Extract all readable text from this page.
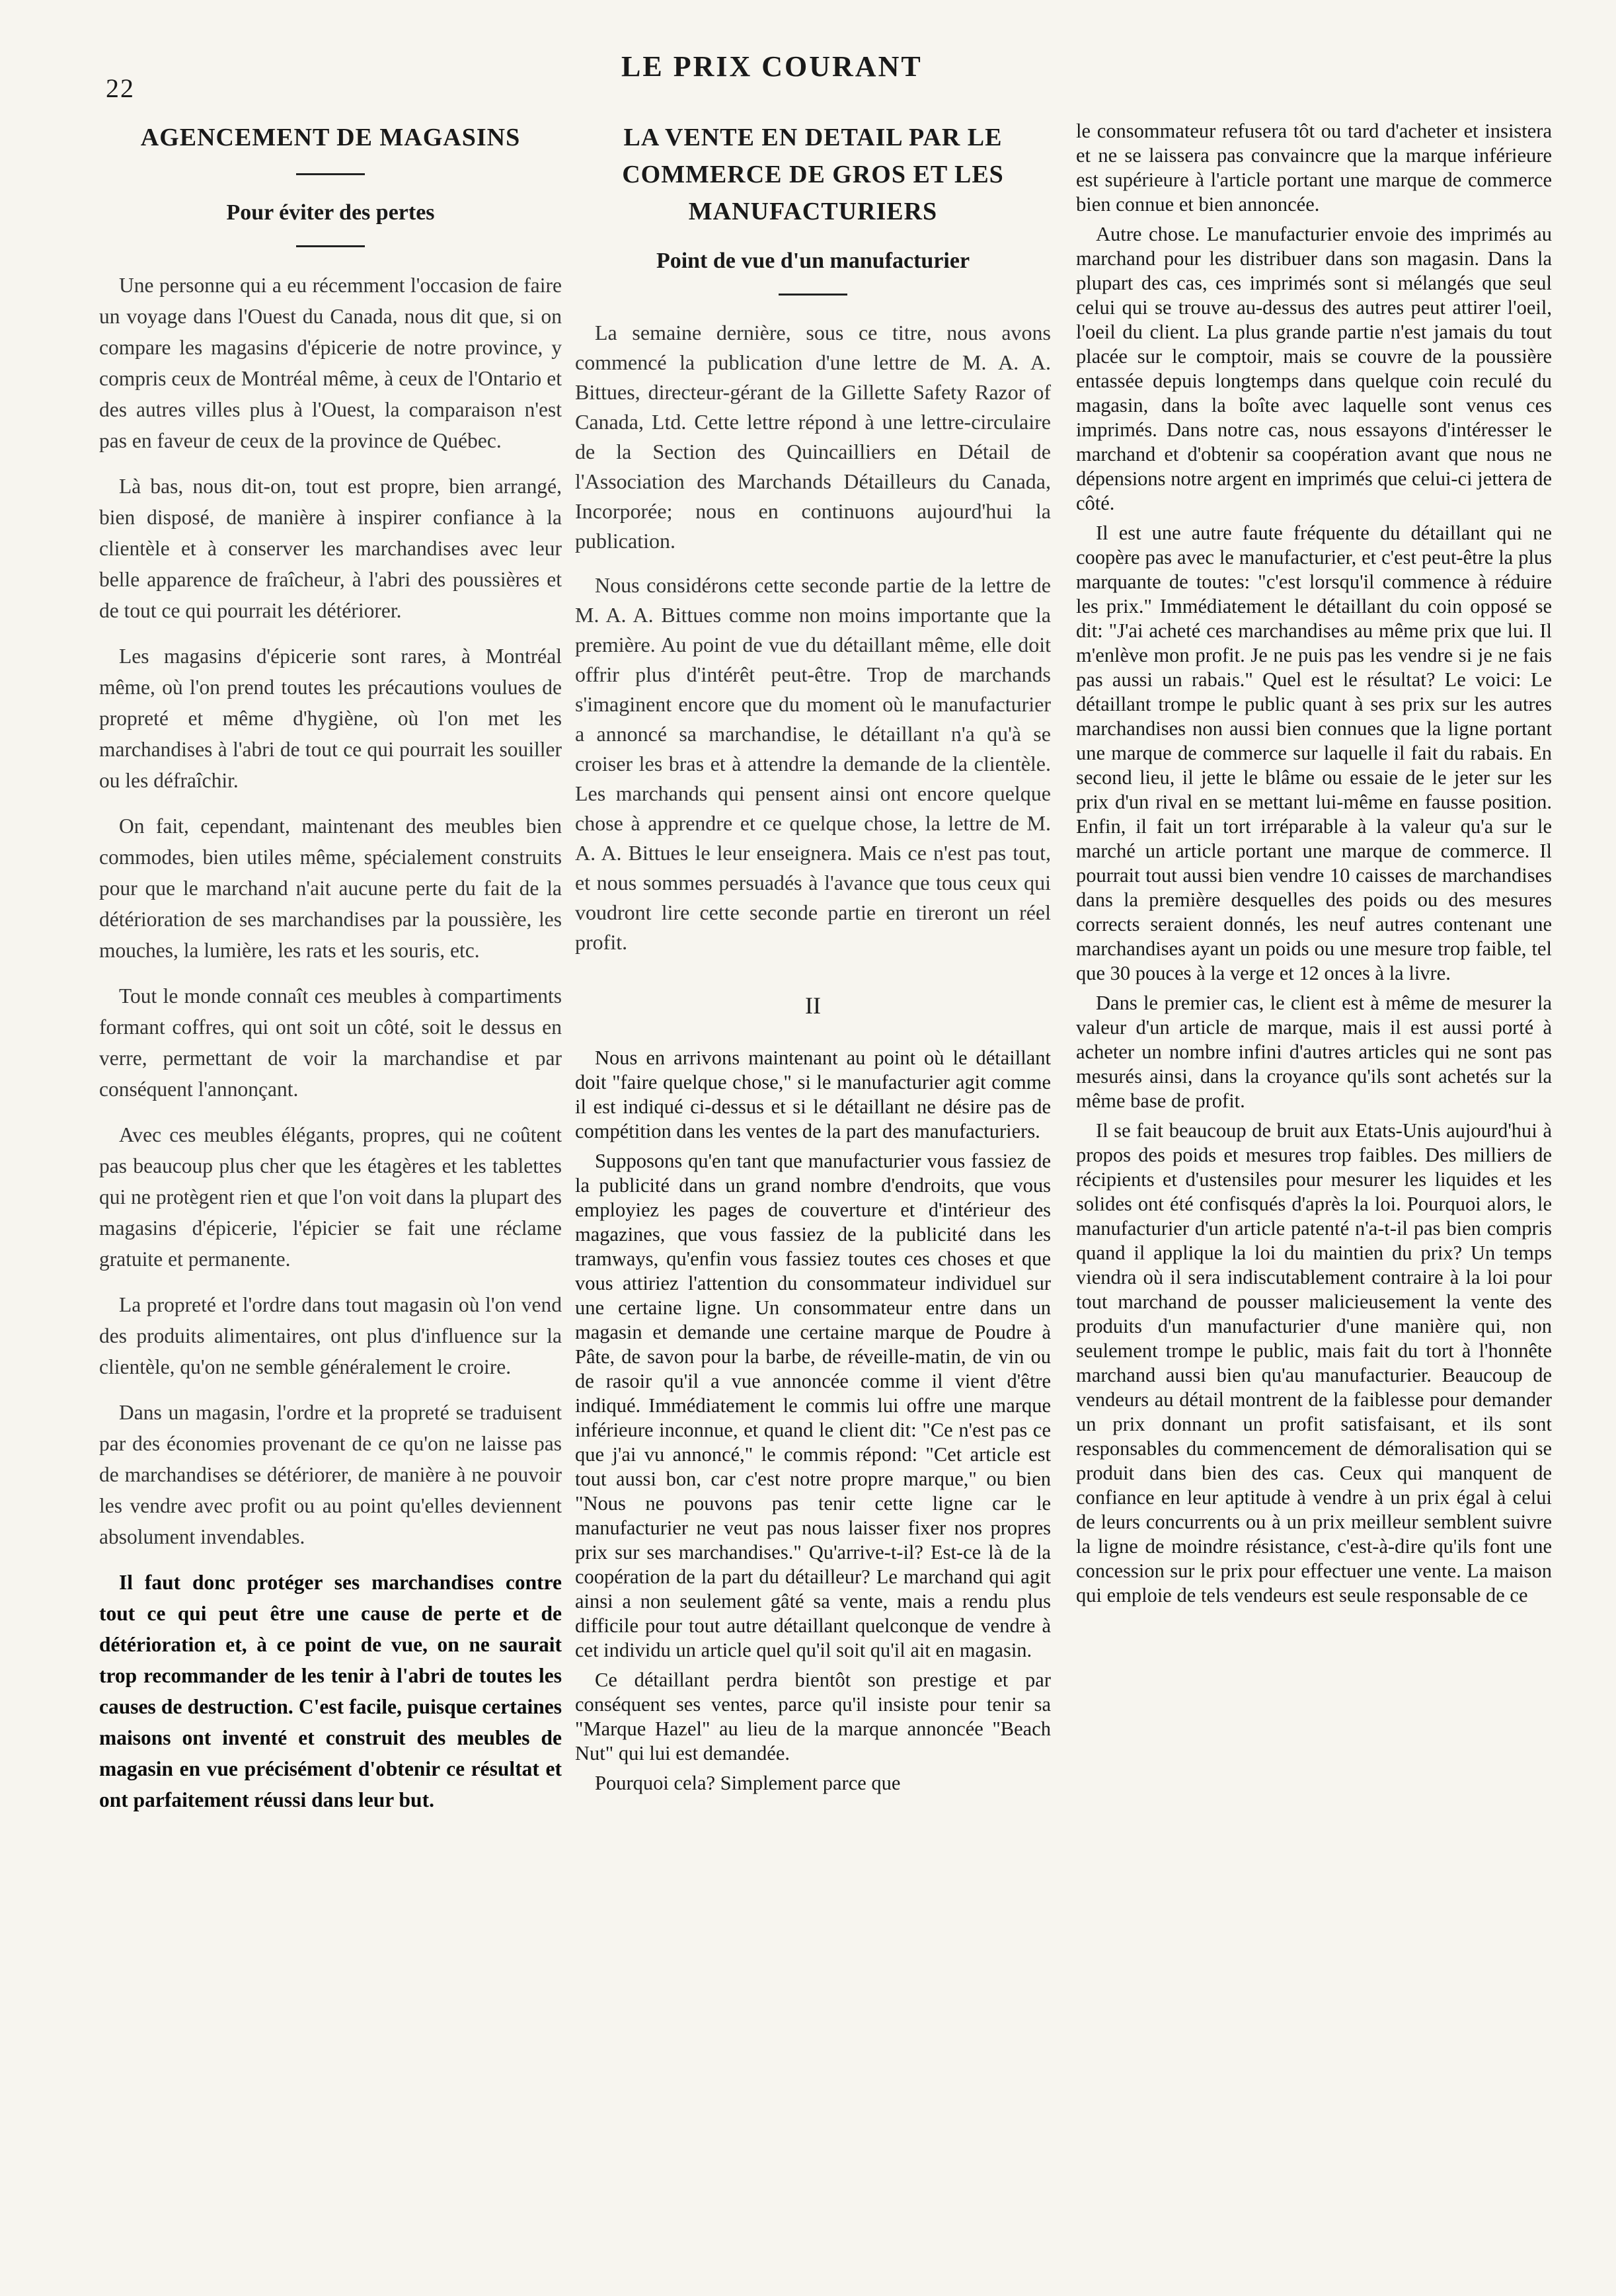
22
LE PRIX COURANT
AGENCEMENT DE MAGASINS
Pour éviter des pertes

Une personne qui a eu récemment l'occasion de faire un voyage dans l'Ouest du Canada, nous dit que, si on compare les magasins d'épicerie de notre province, y compris ceux de Montréal même, à ceux de l'Ontario et des autres villes plus à l'Ouest, la comparaison n'est pas en faveur de ceux de la province de Québec.

Là bas, nous dit-on, tout est propre, bien arrangé, bien disposé, de manière à inspirer confiance à la clientèle et à conserver les marchandises avec leur belle apparence de fraîcheur, à l'abri des poussières et de tout ce qui pourrait les détériorer.

Les magasins d'épicerie sont rares, à Montréal même, où l'on prend toutes les précautions voulues de propreté et même d'hygiène, où l'on met les marchandises à l'abri de tout ce qui pourrait les souiller ou les défraîchir.

On fait, cependant, maintenant des meubles bien commodes, bien utiles même, spécialement construits pour que le marchand n'ait aucune perte du fait de la détérioration de ses marchandises par la poussière, les mouches, la lumière, les rats et les souris, etc.

Tout le monde connaît ces meubles à compartiments formant coffres, qui ont soit un côté, soit le dessus en verre, permettant de voir la marchandise et par conséquent l'annonçant.

Avec ces meubles élégants, propres, qui ne coûtent pas beaucoup plus cher que les étagères et les tablettes qui ne protègent rien et que l'on voit dans la plupart des magasins d'épicerie, l'épicier se fait une réclame gratuite et permanente.

La propreté et l'ordre dans tout magasin où l'on vend des produits alimentaires, ont plus d'influence sur la clientèle, qu'on ne semble généralement le croire.

Dans un magasin, l'ordre et la propreté se traduisent par des économies provenant de ce qu'on ne laisse pas de marchandises se détériorer, de manière à ne pouvoir les vendre avec profit ou au point qu'elles deviennent absolument invendables.

Il faut donc protéger ses marchandises contre tout ce qui peut être une cause de perte et de détérioration et, à ce point de vue, on ne saurait trop recommander de les tenir à l'abri de toutes les causes de destruction. C'est facile, puisque certaines maisons ont inventé et construit des meubles de magasin en vue précisément d'obtenir ce résultat et ont parfaitement réussi dans leur but.

LA VENTE EN DETAIL PAR LE COMMERCE DE GROS ET LES MANUFACTURIERS
Point de vue d'un manufacturier

La semaine dernière, sous ce titre, nous avons commencé la publication d'une lettre de M. A. A. Bittues, directeur-gérant de la Gillette Safety Razor of Canada, Ltd. Cette lettre répond à une lettre-circulaire de la Section des Quincailliers en Détail de l'Association des Marchands Détailleurs du Canada, Incorporée; nous en continuons aujourd'hui la publication.

Nous considérons cette seconde partie de la lettre de M. A. A. Bittues comme non moins importante que la première. Au point de vue du détaillant même, elle doit offrir plus d'intérêt peut-être. Trop de marchands s'imaginent encore que du moment où le manufacturier a annoncé sa marchandise, le détaillant n'a qu'à se croiser les bras et à attendre la demande de la clientèle. Les marchands qui pensent ainsi ont encore quelque chose à apprendre et ce quelque chose, la lettre de M. A. A. Bittues le leur enseignera. Mais ce n'est pas tout, et nous sommes persuadés à l'avance que tous ceux qui voudront lire cette seconde partie en tireront un réel profit.

II

Nous en arrivons maintenant au point où le détaillant doit "faire quelque chose," si le manufacturier agit comme il est indiqué ci-dessus et si le détaillant ne désire pas de compétition dans les ventes de la part des manufacturiers.

Supposons qu'en tant que manufacturier vous fassiez de la publicité dans un grand nombre d'endroits, que vous employiez les pages de couverture et d'intérieur des magazines, que vous fassiez de la publicité dans les tramways, qu'enfin vous fassiez toutes ces choses et que vous attiriez l'attention du consommateur individuel sur une certaine ligne. Un consommateur entre dans un magasin et demande une certaine marque de Poudre à Pâte, de savon pour la barbe, de réveille-matin, de vin ou de rasoir qu'il a vue annoncée comme il vient d'être indiqué. Immédiatement le commis lui offre une marque inférieure inconnue, et quand le client dit: "Ce n'est pas ce que j'ai vu annoncé," le commis répond: "Cet article est tout aussi bon, car c'est notre propre marque," ou bien "Nous ne pouvons pas tenir cette ligne car le manufacturier ne veut pas nous laisser fixer nos propres prix sur ses marchandises." Qu'arrive-t-il? Est-ce là de la coopération de la part du détailleur? Le marchand qui agit ainsi a non seulement gâté sa vente, mais a rendu plus difficile pour tout autre détaillant quelconque de vendre à cet individu un article quel qu'il soit qu'il ait en magasin.

Ce détaillant perdra bientôt son prestige et par conséquent ses ventes, parce qu'il insiste pour tenir sa "Marque Hazel" au lieu de la marque annoncée "Beach Nut" qui lui est demandée.

Pourquoi cela? Simplement parce que

le consommateur refusera tôt ou tard d'acheter et insistera et ne se laissera pas convaincre que la marque inférieure est supérieure à l'article portant une marque de commerce bien connue et bien annoncée.

Autre chose. Le manufacturier envoie des imprimés au marchand pour les distribuer dans son magasin. Dans la plupart des cas, ces imprimés sont si mélangés que seul celui qui se trouve au-dessus des autres peut attirer l'oeil, l'oeil du client. La plus grande partie n'est jamais du tout placée sur le comptoir, mais se couvre de la poussière entassée depuis longtemps dans quelque coin reculé du magasin, dans la boîte avec laquelle sont venus ces imprimés. Dans notre cas, nous essayons d'intéresser le marchand et d'obtenir sa coopération avant que nous ne dépensions notre argent en imprimés que celui-ci jettera de côté.

Il est une autre faute fréquente du détaillant qui ne coopère pas avec le manufacturier, et c'est peut-être la plus marquante de toutes: "c'est lorsqu'il commence à réduire les prix." Immédiatement le détaillant du coin opposé se dit: "J'ai acheté ces marchandises au même prix que lui. Il m'enlève mon profit. Je ne puis pas les vendre si je ne fais pas aussi un rabais." Quel est le résultat? Le voici: Le détaillant trompe le public quant à ses prix sur les autres marchandises non aussi bien connues que la ligne portant une marque de commerce sur laquelle il fait du rabais. En second lieu, il jette le blâme ou essaie de le jeter sur les prix d'un rival en se mettant lui-même en fausse position. Enfin, il fait un tort irréparable à la valeur qu'a sur le marché un article portant une marque de commerce. Il pourrait tout aussi bien vendre 10 caisses de marchandises dans la première desquelles des poids ou des mesures corrects seraient donnés, les neuf autres contenant une marchandises ayant un poids ou une mesure trop faible, tel que 30 pouces à la verge et 12 onces à la livre.

Dans le premier cas, le client est à même de mesurer la valeur d'un article de marque, mais il est aussi porté à acheter un nombre infini d'autres articles qui ne sont pas mesurés ainsi, dans la croyance qu'ils sont achetés sur la même base de profit.

Il se fait beaucoup de bruit aux Etats-Unis aujourd'hui à propos des poids et mesures trop faibles. Des milliers de récipients et d'ustensiles pour mesurer les liquides et les solides ont été confisqués d'après la loi. Pourquoi alors, le manufacturier d'un article patenté n'a-t-il pas bien compris quand il applique la loi du maintien du prix? Un temps viendra où il sera indiscutablement contraire à la loi pour tout marchand de pousser malicieusement la vente des produits d'un manufacturier d'une manière qui, non seulement trompe le public, mais fait du tort à l'honnête marchand aussi bien qu'au manufacturier. Beaucoup de vendeurs au détail montrent de la faiblesse pour demander un prix donnant un profit satisfaisant, et ils sont responsables du commencement de démoralisation qui se produit dans bien des cas. Ceux qui manquent de confiance en leur aptitude à vendre à un prix égal à celui de leurs concurrents ou à un prix meilleur semblent suivre la ligne de moindre résistance, c'est-à-dire qu'ils font une concession sur le prix pour effectuer une vente. La maison qui emploie de tels vendeurs est seule responsable de ce
